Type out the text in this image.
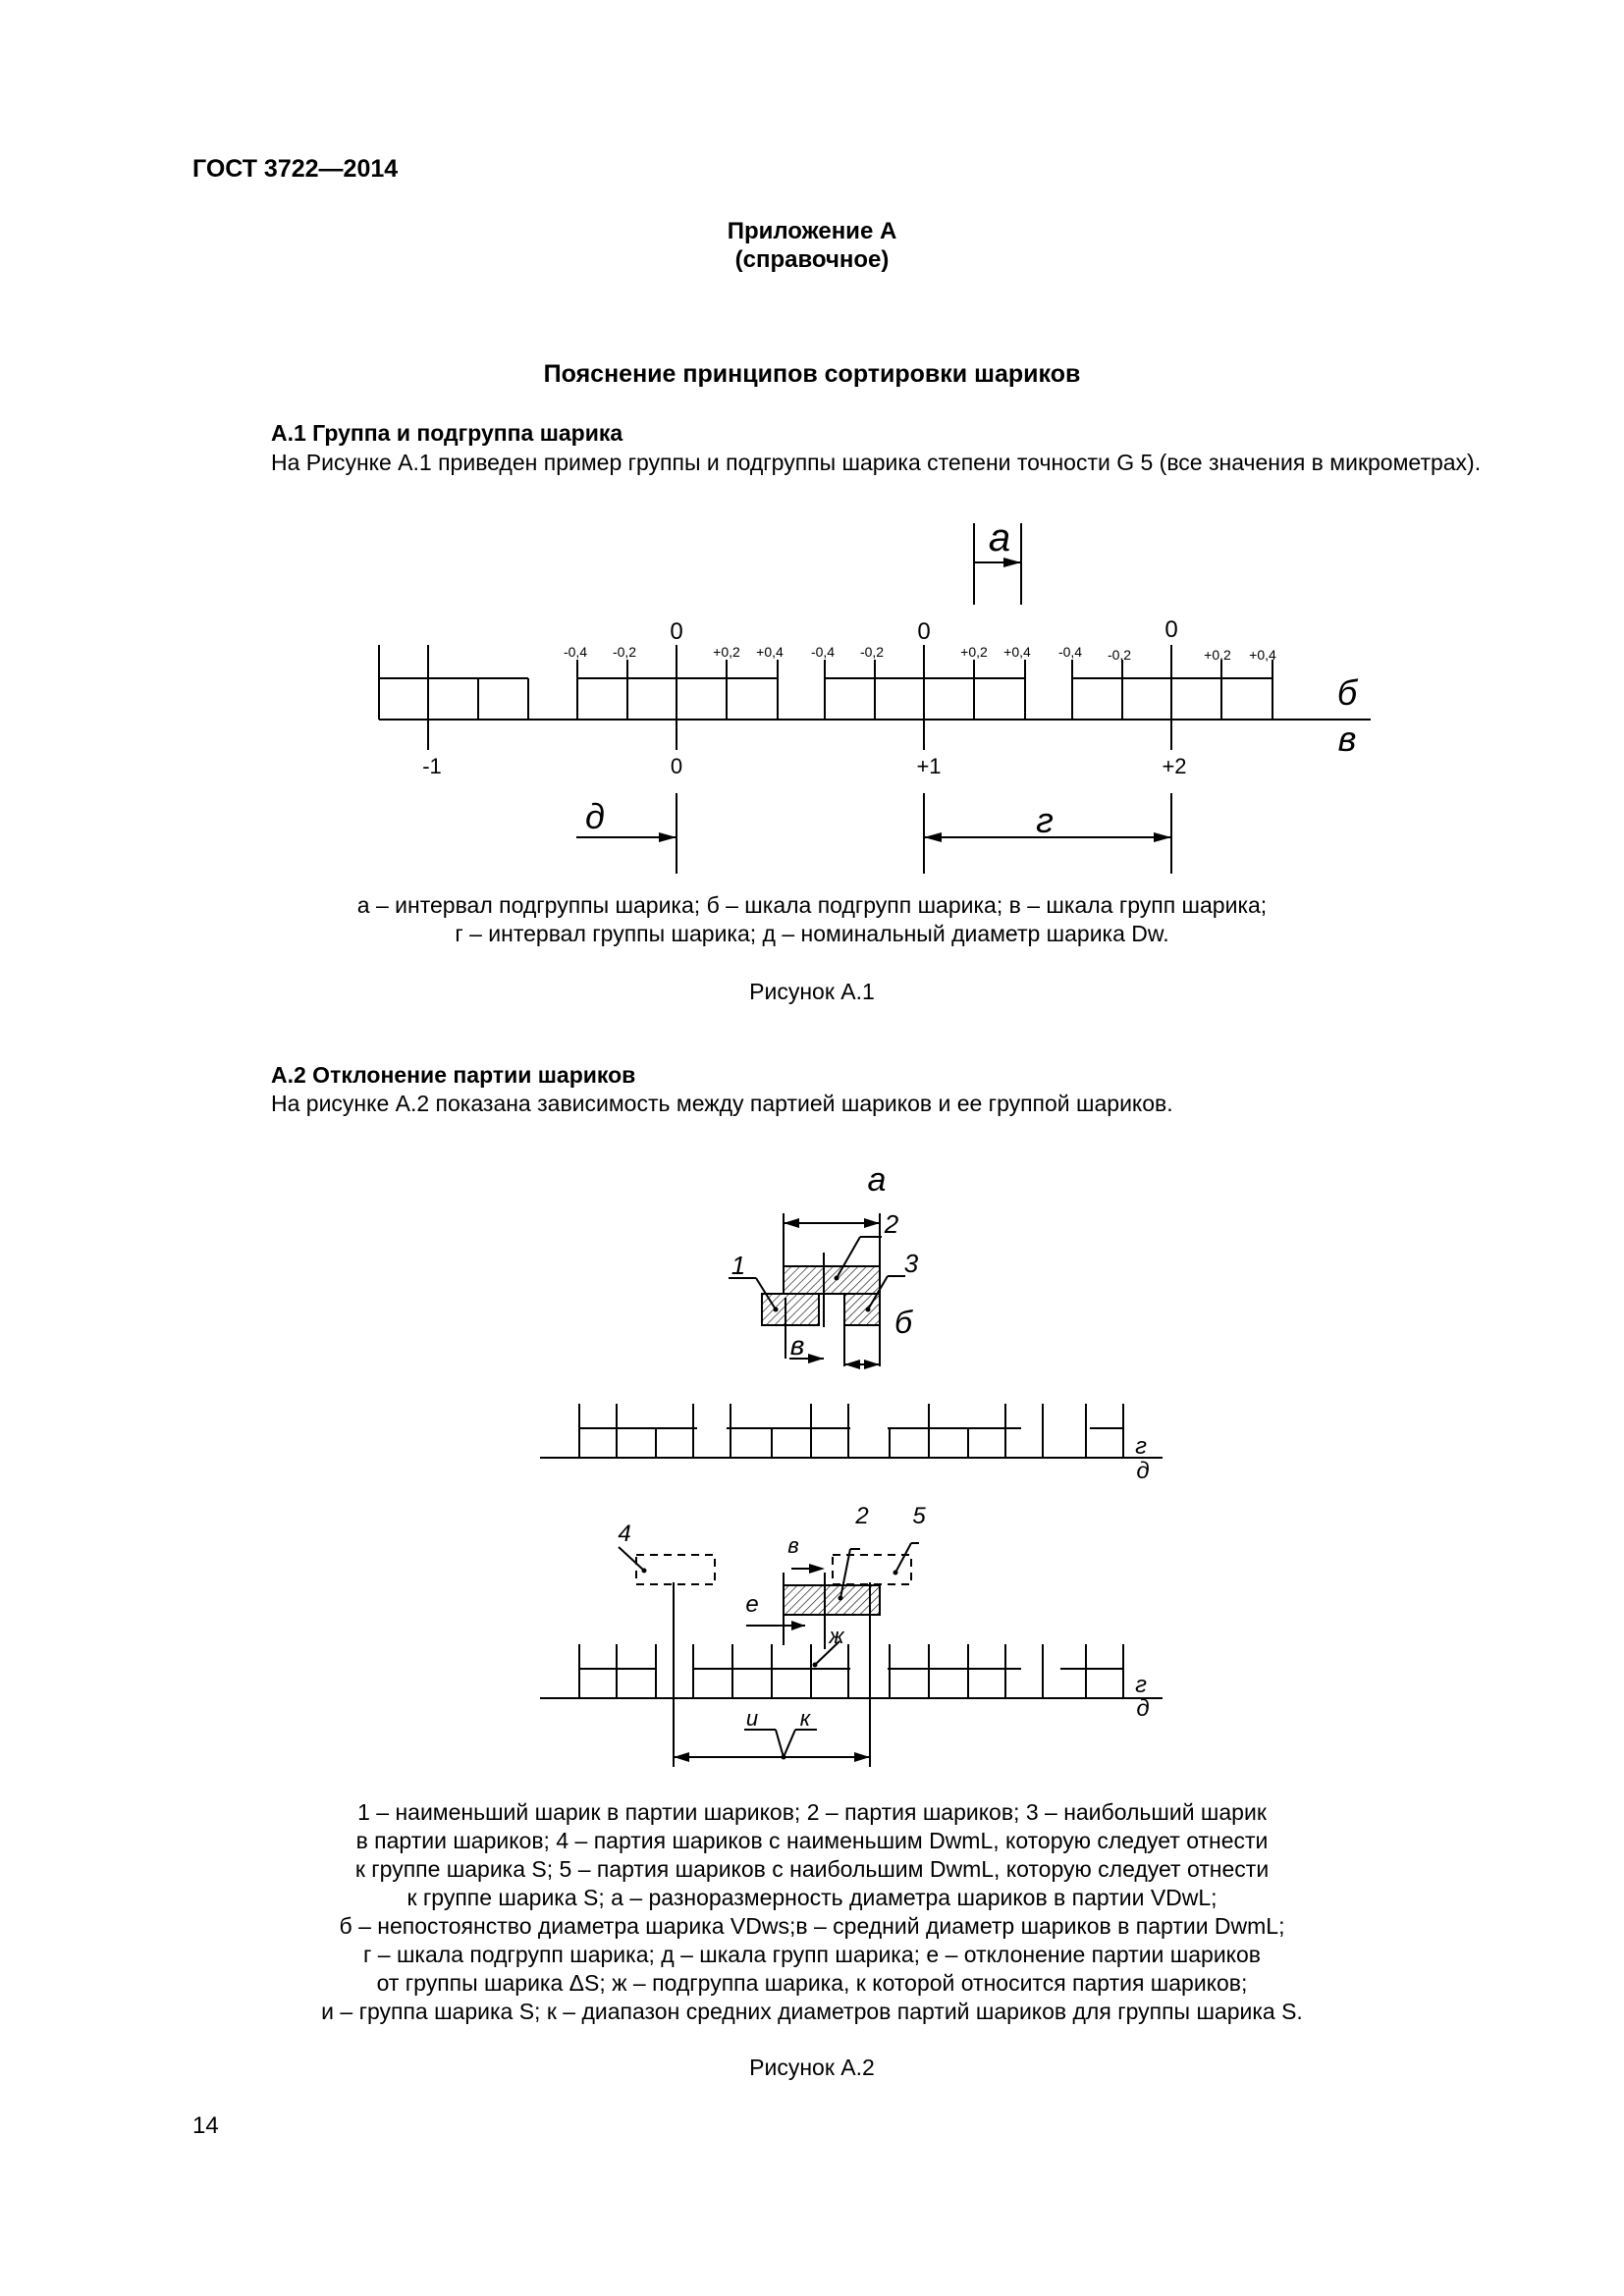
ГОСТ 3722—2014
Приложение А
(справочное)
Пояснение принципов сортировки шариков
А.1 Группа и подгруппа шарика
На Рисунке А.1 приведен пример группы и подгруппы шарика степени точности G 5 (все значения в микрометрах).
а
б
в
г
д
-0,4 -0,2	+0,2 +0,4 -0,4 -0,2	+0,2 +0,4 -0,4 -0,2	+0,2 +0,4
0	0	0
-1	0	+1	+2
а – интервал подгруппы шарика; б – шкала подгрупп шарика; в – шкала групп шарика;
г – интервал группы шарика; д – номинальный диаметр шарика Dw.
Рисунок А.1
А.2 Отклонение партии шариков
На рисунке А.2 показана зависимость между партией шариков и ее группой шариков.
а
в
б
1
2
3
г
д
4
2 5
в
е
ж
г
д
и к
1 – наименьший шарик в партии шариков; 2 – партия шариков; 3 – наибольший шарик
в партии шариков; 4 – партия шариков с наименьшим DwmL, которую следует отнести
к группе шарика S; 5 – партия шариков с наибольшим DwmL, которую следует отнести
к группе шарика S; а – разноразмерность диаметра шариков в партии VDwL;
б – непостоянство диаметра шарика VDws;в – средний диаметр шариков в партии DwmL;
г – шкала подгрупп шарика; д – шкала групп шарика; е – отклонение партии шариков
от группы шарика ΔS; ж – подгруппа шарика, к которой относится партия шариков;
и – группа шарика S; к – диапазон средних диаметров партий шариков для группы шарика S.
Рисунок А.2
14
